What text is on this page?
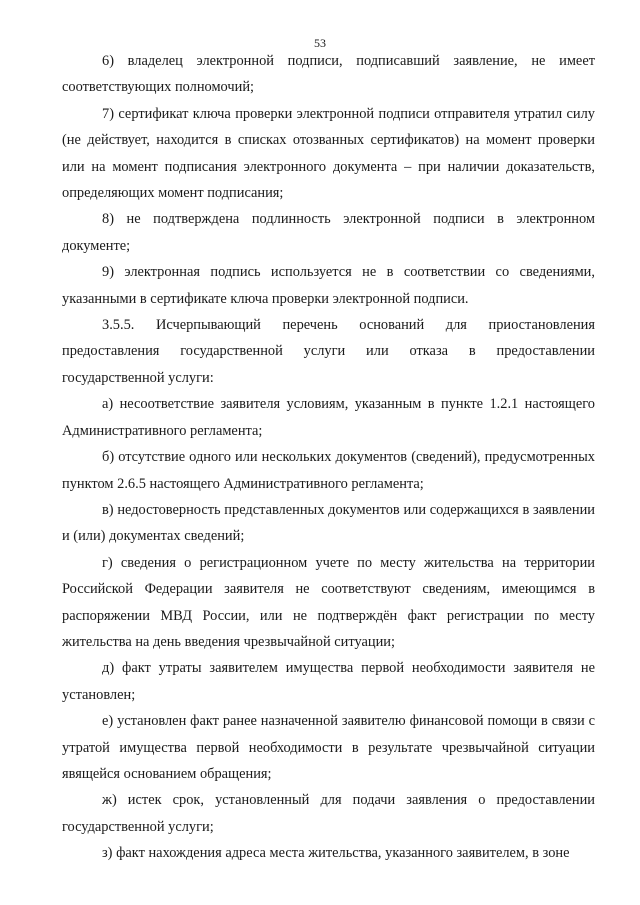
53

6) владелец электронной подписи, подписавший заявление, не имеет соответствующих полномочий;

7) сертификат ключа проверки электронной подписи отправителя утратил силу (не действует, находится в списках отозванных сертификатов) на момент проверки или на момент подписания электронного документа – при наличии доказательств, определяющих момент подписания;

8) не подтверждена подлинность электронной подписи в электронном документе;

9) электронная подпись используется не в соответствии со сведениями, указанными в сертификате ключа проверки электронной подписи.

3.5.5. Исчерпывающий перечень оснований для приостановления предоставления государственной услуги или отказа в предоставлении государственной услуги:

а) несоответствие заявителя условиям, указанным в пункте 1.2.1 настоящего Административного регламента;

б) отсутствие одного или нескольких документов (сведений), предусмотренных пунктом 2.6.5 настоящего Административного регламента;

в) недостоверность представленных документов или содержащихся в заявлении и (или) документах сведений;

г) сведения о регистрационном учете по месту жительства на территории Российской Федерации заявителя не соответствуют сведениям, имеющимся в распоряжении МВД России, или не подтверждён факт регистрации по месту жительства на день введения чрезвычайной ситуации;

д) факт утраты заявителем имущества первой необходимости заявителя не установлен;

е) установлен факт ранее назначенной заявителю финансовой помощи в связи с утратой имущества первой необходимости в результате чрезвычайной ситуации явящейся основанием обращения;

ж) истек срок, установленный для подачи заявления о предоставлении государственной услуги;

з) факт нахождения адреса места жительства, указанного заявителем, в зоне
